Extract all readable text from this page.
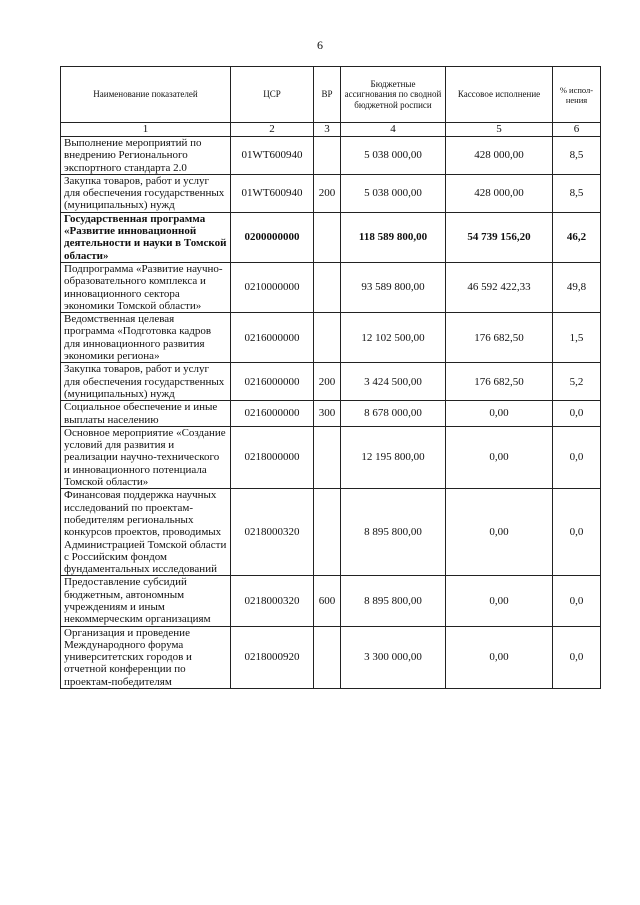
6
Наименование показателей	ЦСР	ВР	Бюджетные ассигнования по сводной бюджетной росписи	Кассовое исполнение	% испол-нения
1	2	3	4	5	6
Выполнение мероприятий по внедрению Регионального экспортного стандарта 2.0	01WT600940		5 038 000,00	428 000,00	8,5
Закупка товаров, работ и услуг для обеспечения государственных (муниципальных) нужд	01WT600940	200	5 038 000,00	428 000,00	8,5
Государственная программа «Развитие инновационной деятельности и науки в Томской области»	0200000000		118 589 800,00	54 739 156,20	46,2
Подпрограмма «Развитие научно-образовательного комплекса и инновационного сектора экономики Томской области»	0210000000		93 589 800,00	46 592 422,33	49,8
Ведомственная целевая программа «Подготовка кадров для инновационного развития экономики региона»	0216000000		12 102 500,00	176 682,50	1,5
Закупка товаров, работ и услуг для обеспечения государственных (муниципальных) нужд	0216000000	200	3 424 500,00	176 682,50	5,2
Социальное обеспечение и иные выплаты населению	0216000000	300	8 678 000,00	0,00	0,0
Основное мероприятие «Создание условий для развития и реализации научно-технического и инновационного потенциала Томской области»	0218000000		12 195 800,00	0,00	0,0
Финансовая поддержка научных исследований по проектам-победителям региональных конкурсов проектов, проводимых Администрацией Томской области с Российским фондом фундаментальных исследований	0218000320		8 895 800,00	0,00	0,0
Предоставление субсидий бюджетным, автономным учреждениям и иным некоммерческим организациям	0218000320	600	8 895 800,00	0,00	0,0
Организация и проведение Международного форума университетских городов и отчетной конференции по проектам-победителям	0218000920		3 300 000,00	0,00	0,0
